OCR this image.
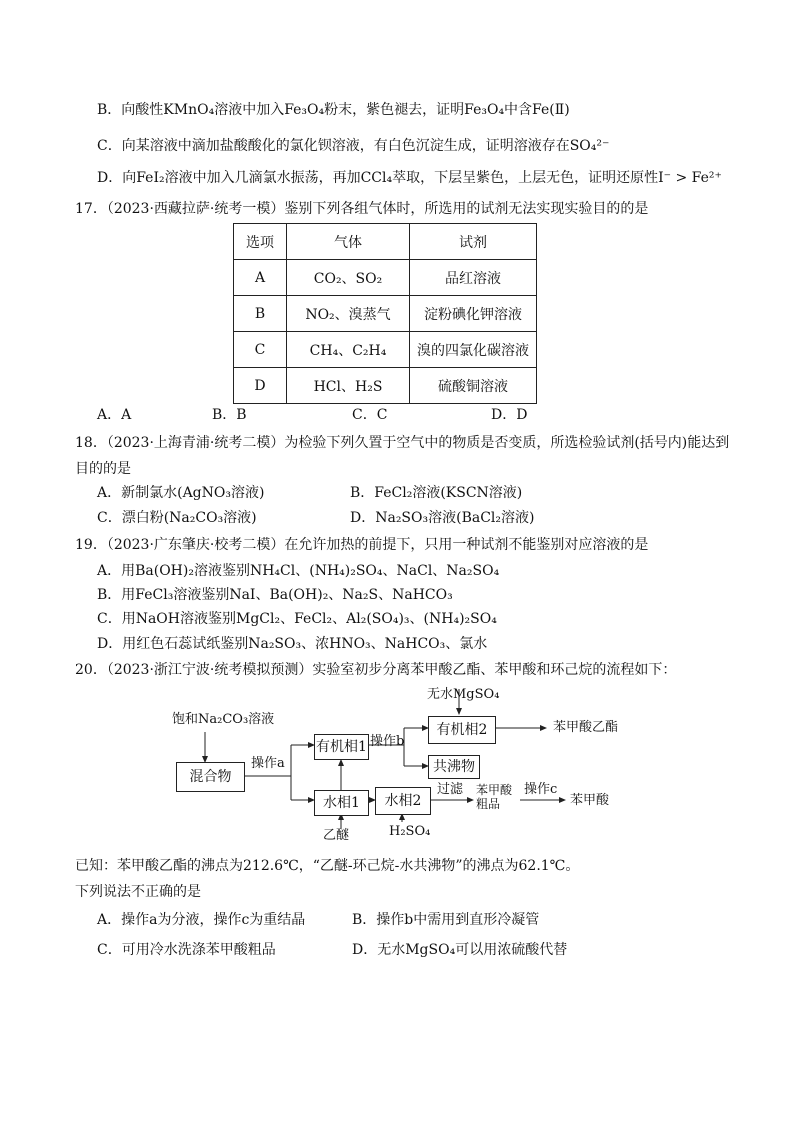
B．向酸性KMnO₄溶液中加入Fe₃O₄粉末，紫色褪去，证明Fe₃O₄中含Fe(Ⅱ)
C．向某溶液中滴加盐酸酸化的氯化钡溶液，有白色沉淀生成，证明溶液存在SO₄²⁻
D．向FeI₂溶液中加入几滴氯水振荡，再加CCl₄萃取，下层呈紫色，上层无色，证明还原性I⁻ > Fe²⁺
17．（2023·西藏拉萨·统考一模）鉴别下列各组气体时，所选用的试剂无法实现实验目的的是
选项	气体	试剂
A	CO₂、SO₂	品红溶液
B	NO₂、溴蒸气	淀粉碘化钾溶液
C	CH₄、C₂H₄	溴的四氯化碳溶液
D	HCl、H₂S	硫酸铜溶液
A．A	B．B	C．C	D．D
18．（2023·上海青浦·统考二模）为检验下列久置于空气中的物质是否变质，所选检验试剂(括号内)能达到
目的的是
A．新制氯水(AgNO₃溶液)	B．FeCl₂溶液(KSCN溶液)
C．漂白粉(Na₂CO₃溶液)	D．Na₂SO₃溶液(BaCl₂溶液)
19．（2023·广东肇庆·校考二模）在允许加热的前提下，只用一种试剂不能鉴别对应溶液的是
A．用Ba(OH)₂溶液鉴别NH₄Cl、(NH₄)₂SO₄、NaCl、Na₂SO₄
B．用FeCl₃溶液鉴别NaI、Ba(OH)₂、Na₂S、NaHCO₃
C．用NaOH溶液鉴别MgCl₂、FeCl₂、Al₂(SO₄)₃、(NH₄)₂SO₄
D．用红色石蕊试纸鉴别Na₂SO₃、浓HNO₃、NaHCO₃、氯水
20．（2023·浙江宁波·统考模拟预测）实验室初步分离苯甲酸乙酯、苯甲酸和环己烷的流程如下：
饱和Na₂CO₃溶液
混合物
操作a
有机相1
水相1
乙醚
操作b
无水MgSO₄
有机相2	苯甲酸乙酯
共沸物
水相2
H₂SO₄
过滤 苯甲酸
粗品
操作c
苯甲酸
已知：苯甲酸乙酯的沸点为212.6℃，“乙醚-环己烷-水共沸物”的沸点为62.1℃。
下列说法不正确的是
A．操作a为分液，操作c为重结晶	B．操作b中需用到直形冷凝管
C．可用冷水洗涤苯甲酸粗品	D．无水MgSO₄可以用浓硫酸代替
